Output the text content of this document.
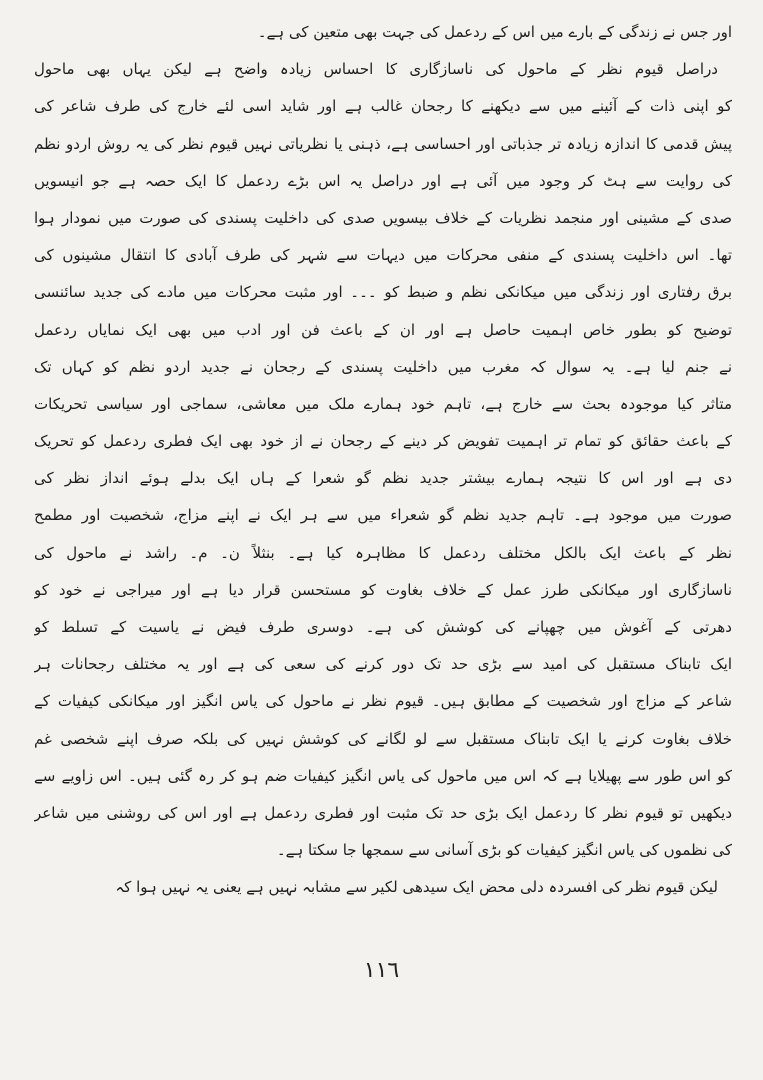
اور جس نے زندگی کے بارے میں اس کے ردعمل کی جہت بھی متعین کی ہے۔
دراصل قیوم نظر کے ماحول کی ناسازگاری کا احساس زیادہ واضح ہے لیکن یہاں بھی ماحول
کو اپنی ذات کے آئینے میں سے دیکھنے کا رجحان غالب ہے اور شاید اسی لئے خارج کی طرف شاعر کی
پیش قدمی کا اندازہ زیادہ تر جذباتی اور احساسی ہے، ذہنی یا نظریاتی نہیں قیوم نظر کی یہ روش اردو نظم
کی روایت سے ہٹ کر وجود میں آئی ہے اور دراصل یہ اس بڑے ردعمل کا ایک حصہ ہے جو انیسویں
صدی کے مشینی اور منجمد نظریات کے خلاف بیسویں صدی کی داخلیت پسندی کی صورت میں نمودار ہوا
تھا۔ اس داخلیت پسندی کے منفی محرکات میں دیہات سے شہر کی طرف آبادی کا انتقال مشینوں کی
برق رفتاری اور زندگی میں میکانکی نظم و ضبط کو ۔۔۔ اور مثبت محرکات میں مادے کی جدید سائنسی
توضیح کو بطور خاص اہمیت حاصل ہے اور ان کے باعث فن اور ادب میں بھی ایک نمایاں ردعمل
نے جنم لیا ہے۔ یہ سوال کہ مغرب میں داخلیت پسندی کے رجحان نے جدید اردو نظم کو کہاں تک
متاثر کیا موجودہ بحث سے خارج ہے، تاہم خود ہمارے ملک میں معاشی، سماجی اور سیاسی تحریکات
کے باعث حقائق کو تمام تر اہمیت تفویض کر دینے کے رجحان نے از خود بھی ایک فطری ردعمل کو تحریک
دی ہے اور اس کا نتیجہ ہمارے بیشتر جدید نظم گو شعرا کے ہاں ایک بدلے ہوئے انداز نظر کی
صورت میں موجود ہے۔ تاہم جدید نظم گو شعراء میں سے ہر ایک نے اپنے مزاج، شخصیت اور مطمح
نظر کے باعث ایک بالکل مختلف ردعمل کا مظاہرہ کیا ہے۔ بنثلاً ن۔ م۔ راشد نے ماحول کی
ناسازگاری اور میکانکی طرز عمل کے خلاف بغاوت کو مستحسن قرار دیا ہے اور میراجی نے خود کو
دھرتی کے آغوش میں چھپانے کی کوشش کی ہے۔ دوسری طرف فیض نے یاسیت کے تسلط کو
ایک تابناک مستقبل کی امید سے بڑی حد تک دور کرنے کی سعی کی ہے اور یہ مختلف رجحانات ہر
شاعر کے مزاج اور شخصیت کے مطابق ہیں۔ قیوم نظر نے ماحول کی یاس انگیز اور میکانکی کیفیات کے
خلاف بغاوت کرنے یا ایک تابناک مستقبل سے لو لگانے کی کوشش نہیں کی بلکہ صرف اپنے شخصی غم
کو اس طور سے پھیلایا ہے کہ اس میں ماحول کی یاس انگیز کیفیات ضم ہو کر رہ گئی ہیں۔ اس زاویے سے
دیکھیں تو قیوم نظر کا ردعمل ایک بڑی حد تک مثبت اور فطری ردعمل ہے اور اس کی روشنی میں شاعر
کی نظموں کی یاس انگیز کیفیات کو بڑی آسانی سے سمجھا جا سکتا ہے۔
لیکن قیوم نظر کی افسردہ دلی محض ایک سیدھی لکیر سے مشابہ نہیں ہے یعنی یہ نہیں ہوا کہ
١١٦
